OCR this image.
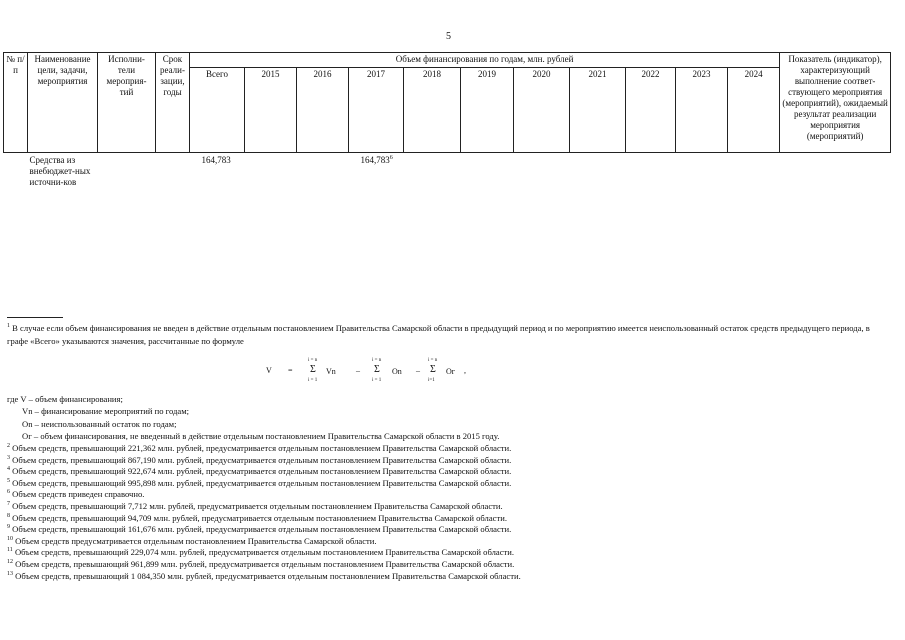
5
№ п/п	Наименование цели, задачи, мероприятия	Исполни-тели мероприя-тий	Срок реали-зации, годы	Объем финансирования по годам, млн. рублей											Показатель (индикатор), характеризующий выполнение соответ-ствующего мероприятия (мероприятий), ожидаемый результат реализации мероприятия (мероприятий)
				Всего	2015	2016	2017	2018	2019	2020	2021	2022	2023	2024	
	Средства из внебюджет-ных источни-ков			164,783			164,783$^6$								
$^1$ В случае если объем финансирования не введен в действие отдельным постановлением Правительства Самарской области в предыдущий период и по мероприятию имеется неиспользованный остаток средств предыдущего периода, в графе «Всего» указываются значения, рассчитанные по формуле
V =
i = n
Σ
i = 1
Vn	–
i = n
Σ
i = 1
On –
i = n
Σ
i=1
Oг ,
где V – объем финансирования;
Vn – финансирование мероприятий по годам;
On – неиспользованный остаток по годам;
Oг – объем финансирования, не введенный в действие отдельным постановлением Правительства Самарской области в 2015 году.
$^2$ Объем средств, превышающий 221,362 млн. рублей, предусматривается отдельным постановлением Правительства Самарской области.
$^3$ Объем средств, превышающий 867,190 млн. рублей, предусматривается отдельным постановлением Правительства Самарской области.
$^4$ Объем средств, превышающий 922,674 млн. рублей, предусматривается отдельным постановлением Правительства Самарской области.
$^5$ Объем средств, превышающий 995,898 млн. рублей, предусматривается отдельным постановлением Правительства Самарской области.
$^6$ Объем средств приведен справочно.
$^7$ Объем средств, превышающий 7,712 млн. рублей, предусматривается отдельным постановлением Правительства Самарской области.
$^8$ Объем средств, превышающий 94,709 млн. рублей, предусматривается отдельным постановлением Правительства Самарской области.
$^9$ Объем средств, превышающий 161,676 млн. рублей, предусматривается отдельным постановлением Правительства Самарской области.
$^{10}$ Объем средств предусматривается отдельным постановлением Правительства Самарской области.
$^{11}$ Объем средств, превышающий 229,074 млн. рублей, предусматривается отдельным постановлением Правительства Самарской области.
$^{12}$ Объем средств, превышающий 961,899 млн. рублей, предусматривается отдельным постановлением Правительства Самарской области.
$^{13}$ Объем средств, превышающий 1 084,350 млн. рублей, предусматривается отдельным постановлением Правительства Самарской области.
